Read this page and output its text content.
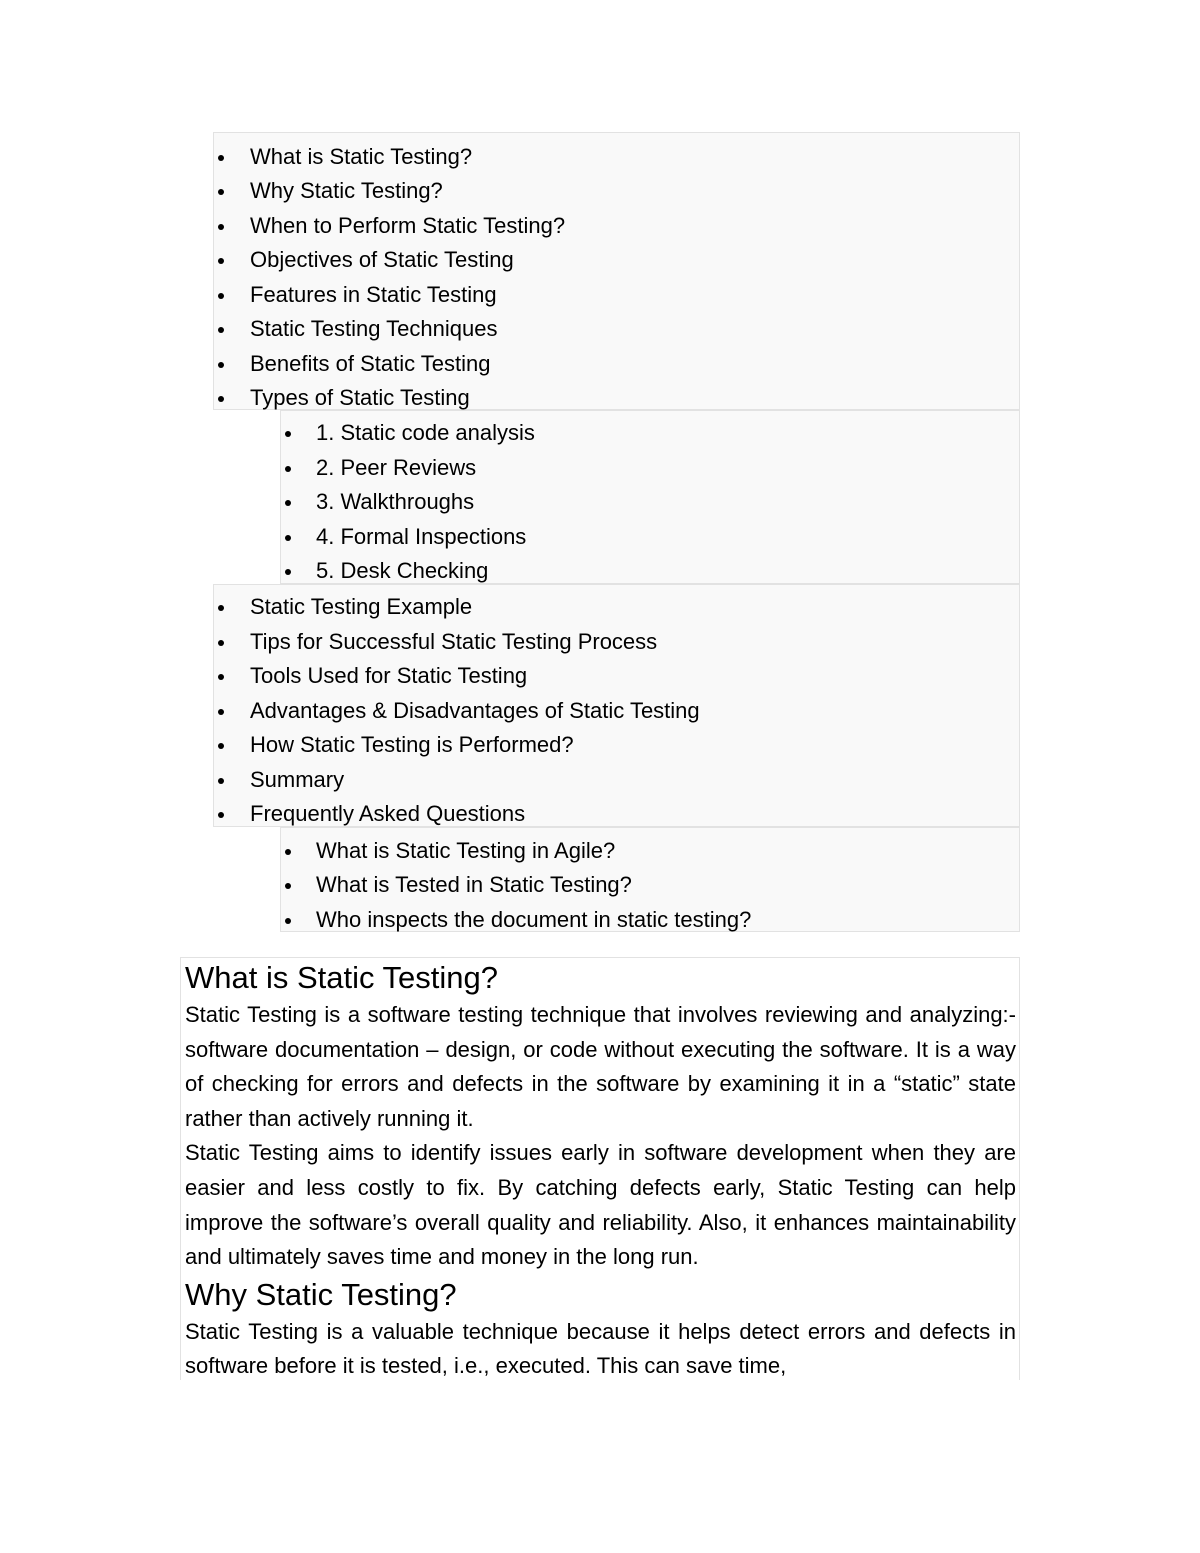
What is Static Testing?
Why Static Testing?
When to Perform Static Testing?
Objectives of Static Testing
Features in Static Testing
Static Testing Techniques
Benefits of Static Testing
Types of Static Testing
1. Static code analysis
2. Peer Reviews
3. Walkthroughs
4. Formal Inspections
5. Desk Checking
Static Testing Example
Tips for Successful Static Testing Process
Tools Used for Static Testing
Advantages & Disadvantages of Static Testing
How Static Testing is Performed?
Summary
Frequently Asked Questions
What is Static Testing in Agile?
What is Tested in Static Testing?
Who inspects the document in static testing?
What is Static Testing?

Static Testing is a software testing technique that involves reviewing and analyzing:- software documentation – design, or code without executing the software. It is a way of checking for errors and defects in the software by examining it in a “static” state rather than actively running it.

Static Testing aims to identify issues early in software development when they are easier and less costly to fix. By catching defects early, Static Testing can help improve the software’s overall quality and reliability. Also, it enhances maintainability and ultimately saves time and money in the long run.

Why Static Testing?

Static Testing is a valuable technique because it helps detect errors and defects in software before it is tested, i.e., executed. This can save time,
